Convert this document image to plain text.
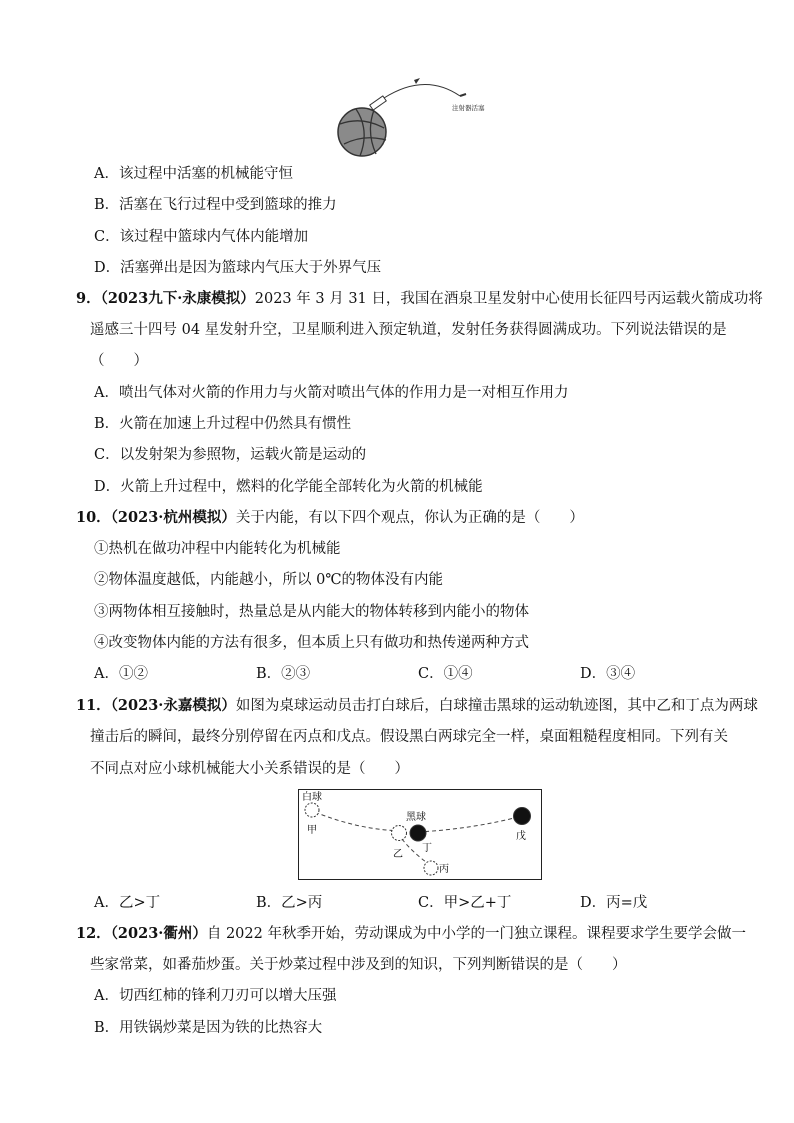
注射器活塞
A．该过程中活塞的机械能守恒
B．活塞在飞行过程中受到篮球的推力
C．该过程中篮球内气体内能增加
D．活塞弹出是因为篮球内气压大于外界气压
9．（2023九下·永康模拟）2023 年 3 月 31 日，我国在酒泉卫星发射中心使用长征四号丙运载火箭成功将
遥感三十四号 04 星发射升空，卫星顺利进入预定轨道，发射任务获得圆满成功。下列说法错误的是
（　　）
A．喷出气体对火箭的作用力与火箭对喷出气体的作用力是一对相互作用力
B．火箭在加速上升过程中仍然具有惯性
C．以发射架为参照物，运载火箭是运动的
D．火箭上升过程中，燃料的化学能全部转化为火箭的机械能
10．（2023·杭州模拟）关于内能，有以下四个观点，你认为正确的是（　　）
①热机在做功冲程中内能转化为机械能
②物体温度越低，内能越小，所以 0℃的物体没有内能
③两物体相互接触时，热量总是从内能大的物体转移到内能小的物体
④改变物体内能的方法有很多，但本质上只有做功和热传递两种方式
A．①②	B．②③	C．①④	D．③④
11．（2023·永嘉模拟）如图为桌球运动员击打白球后，白球撞击黑球的运动轨迹图，其中乙和丁点为两球
撞击后的瞬间，最终分别停留在丙点和戊点。假设黑白两球完全一样，桌面粗糙程度相同。下列有关
不同点对应小球机械能大小关系错误的是（　　）
白球
甲
黑球
丁
乙
丙
戊
A．乙>丁	B．乙>丙	C．甲>乙+丁	D．丙=戊
12．（2023·衢州）自 2022 年秋季开始，劳动课成为中小学的一门独立课程。课程要求学生要学会做一
些家常菜，如番茄炒蛋。关于炒菜过程中涉及到的知识，下列判断错误的是（　　）
A．切西红柿的锋利刀刃可以增大压强
B．用铁锅炒菜是因为铁的比热容大
